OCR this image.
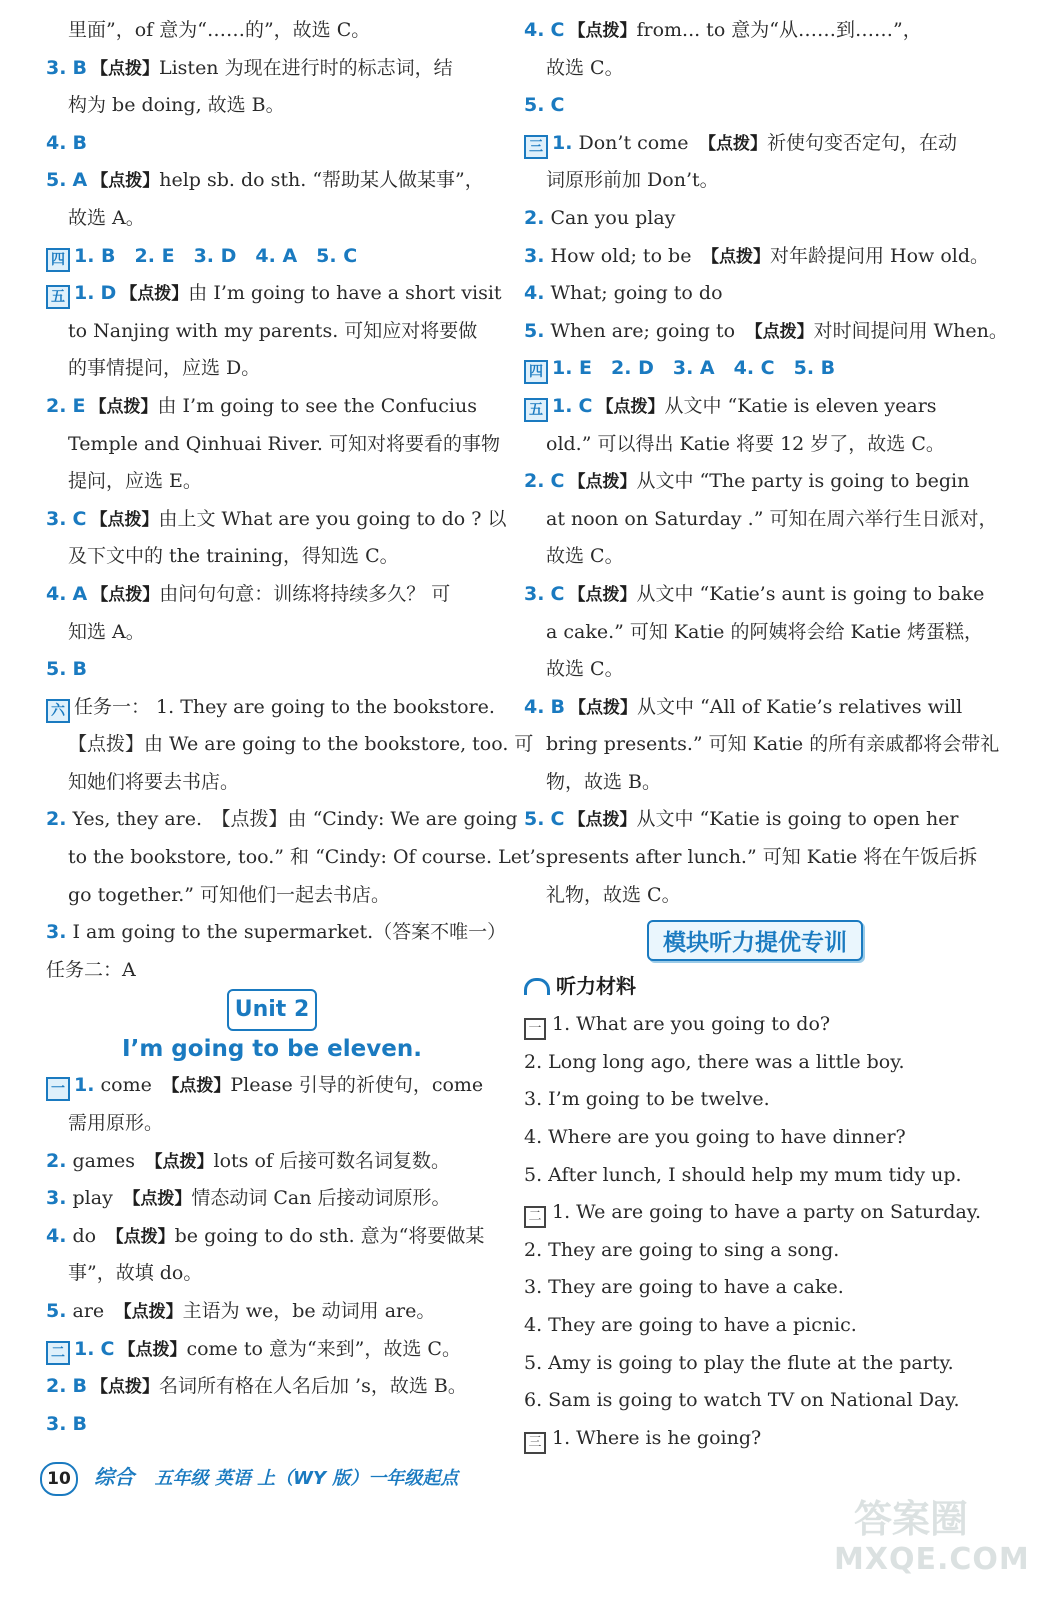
里面”，of 意为“……的”，故选 C。
3. B 【点拨】Listen 为现在进行时的标志词，结
构为 be doing, 故选 B。
4. B
5. A 【点拨】help sb. do sth. “帮助某人做某事”，
故选 A。
四 1. B　2. E　3. D　4. A　5. C
五 1. D 【点拨】由 I’m going to have a short visit
to Nanjing with my parents. 可知应对将要做
的事情提问，应选 D。
2. E 【点拨】由 I’m going to see the Confucius
Temple and Qinhuai River. 可知对将要看的事物
提问，应选 E。
3. C 【点拨】由上文 What are you going to do ? 以
及下文中的 the training，得知选 C。
4. A 【点拨】由问句句意：训练将持续多久？ 可
知选 A。
5. B
六 任务一： 1. They are going to the bookstore.
【点拨】由 We are going to the bookstore, too. 可
知她们将要去书店。
2. Yes, they are.　【点拨】由 “Cindy: We are going
to the bookstore, too.” 和 “Cindy: Of course. Let’s
go together.” 可知他们一起去书店。
3. I am going to the supermarket.（答案不唯一）
任务二：A
Unit 2
I’m going to be eleven.
一 1. come　 【点拨】Please 引导的祈使句，come
需用原形。
2. games　 【点拨】lots of 后接可数名词复数。
3. play　 【点拨】情态动词 Can 后接动词原形。
4. do　 【点拨】be going to do sth. 意为“将要做某
事”，故填 do。
5. are　 【点拨】主语为 we，be 动词用 are。
二 1. C 【点拨】come to 意为“来到”，故选 C。
2. B 【点拨】名词所有格在人名后加 ’s，故选 B。
3. B
4. C 【点拨】from... to 意为“从……到……”，
故选 C。
5. C
三 1. Don’t come　 【点拨】祈使句变否定句，在动
词原形前加 Don’t。
2. Can you play
3. How old; to be　 【点拨】对年龄提问用 How old。
4. What; going to do
5. When are; going to　 【点拨】对时间提问用 When。
四 1. E　2. D　3. A　4. C　5. B
五 1. C 【点拨】从文中 “Katie is eleven years
old.” 可以得出 Katie 将要 12 岁了，故选 C。
2. C 【点拨】从文中 “The party is going to begin
at noon on Saturday .” 可知在周六举行生日派对，
故选 C。
3. C 【点拨】从文中 “Katie’s aunt is going to bake
a cake.” 可知 Katie 的阿姨将会给 Katie 烤蛋糕，
故选 C。
4. B 【点拨】从文中 “All of Katie’s relatives will
bring presents.” 可知 Katie 的所有亲戚都将会带礼
物，故选 B。
5. C 【点拨】从文中 “Katie is going to open her
presents after lunch.” 可知 Katie 将在午饭后拆
礼物，故选 C。
模块听力提优专训
听力材料
一 1. What are you going to do?
2. Long long ago, there was a little boy.
3. I’m going to be twelve.
4. Where are you going to have dinner?
5. After lunch, I should help my mum tidy up.
二 1. We are going to have a party on Saturday.
2. They are going to sing a song.
3. They are going to have a cake.
4. They are going to have a picnic.
5. Amy is going to play the flute at the party.
6. Sam is going to watch TV on National Day.
三 1. Where is he going?
10 综合 五年级 英语 上（WY 版）一年级起点
答案圈
MXQE.COM
